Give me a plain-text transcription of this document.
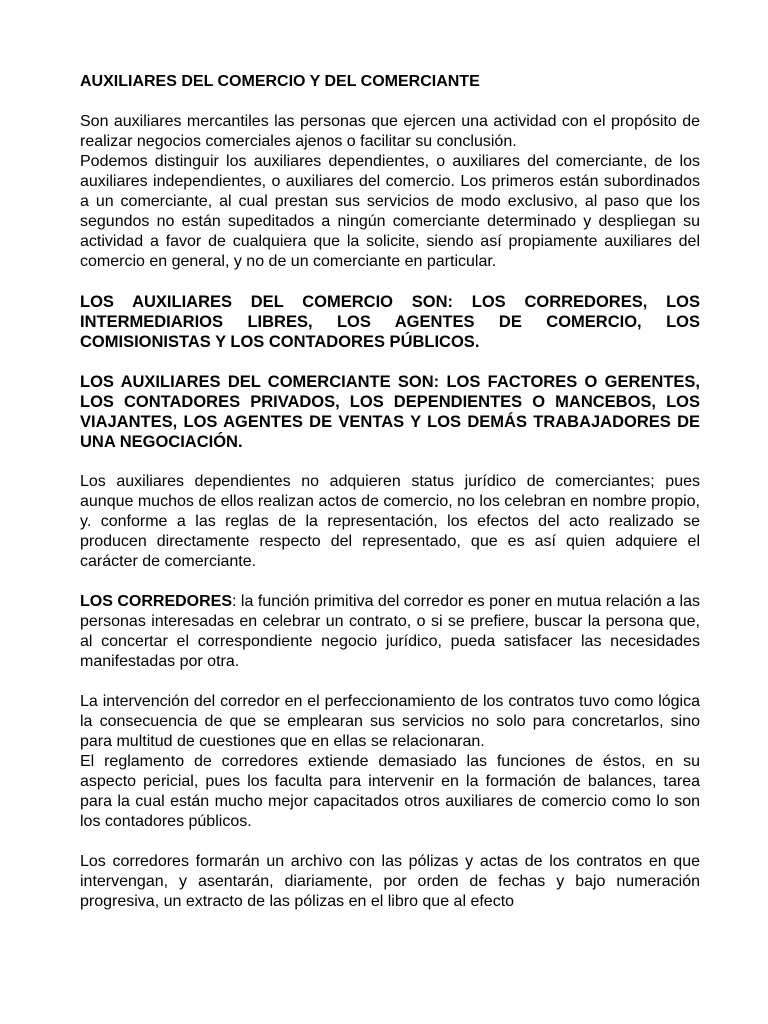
AUXILIARES DEL COMERCIO Y DEL COMERCIANTE

Son auxiliares mercantiles las personas que ejercen una actividad con el propósito de realizar negocios comerciales ajenos o facilitar su conclusión.

Podemos distinguir los auxiliares dependientes, o auxiliares del comerciante, de los auxiliares independientes, o auxiliares del comercio. Los primeros están subordinados a un comerciante, al cual prestan sus servicios de modo exclusivo, al paso que los segundos no están supeditados a ningún comerciante determinado y despliegan su actividad a favor de cualquiera que la solicite, siendo así propiamente auxiliares del comercio en general, y no de un comerciante en particular.

LOS AUXILIARES DEL COMERCIO SON: LOS CORREDORES, LOS INTERMEDIARIOS LIBRES, LOS AGENTES DE COMERCIO, LOS COMISIONISTAS Y LOS CONTADORES PÚBLICOS.

LOS AUXILIARES DEL COMERCIANTE SON: LOS FACTORES O GERENTES, LOS CONTADORES PRIVADOS, LOS DEPENDIENTES O MANCEBOS, LOS VIAJANTES, LOS AGENTES DE VENTAS Y LOS DEMÁS TRABAJADORES DE UNA NEGOCIACIÓN.

Los auxiliares dependientes no adquieren status jurídico de comerciantes; pues aunque muchos de ellos realizan actos de comercio, no los celebran en nombre propio, y. conforme a las reglas de la representación, los efectos del acto realizado se producen directamente respecto del representado, que es así quien adquiere el carácter de comerciante.

LOS CORREDORES: la función primitiva del corredor es poner en mutua relación a las personas interesadas en celebrar un contrato, o si se prefiere, buscar la persona que, al concertar el correspondiente negocio jurídico, pueda satisfacer las necesidades manifestadas por otra.

La intervención del corredor en el perfeccionamiento de los contratos tuvo como lógica la consecuencia de que se emplearan sus servicios no solo para concretarlos, sino para multitud de cuestiones que en ellas se relacionaran.

El reglamento de corredores extiende demasiado las funciones de éstos, en su aspecto pericial, pues los faculta para intervenir en la formación de balances, tarea para la cual están mucho mejor capacitados otros auxiliares de comercio como lo son los contadores públicos.

Los corredores formarán un archivo con las pólizas y actas de los contratos en que intervengan, y asentarán, diariamente, por orden de fechas y bajo numeración progresiva, un extracto de las pólizas en el libro que al efecto
